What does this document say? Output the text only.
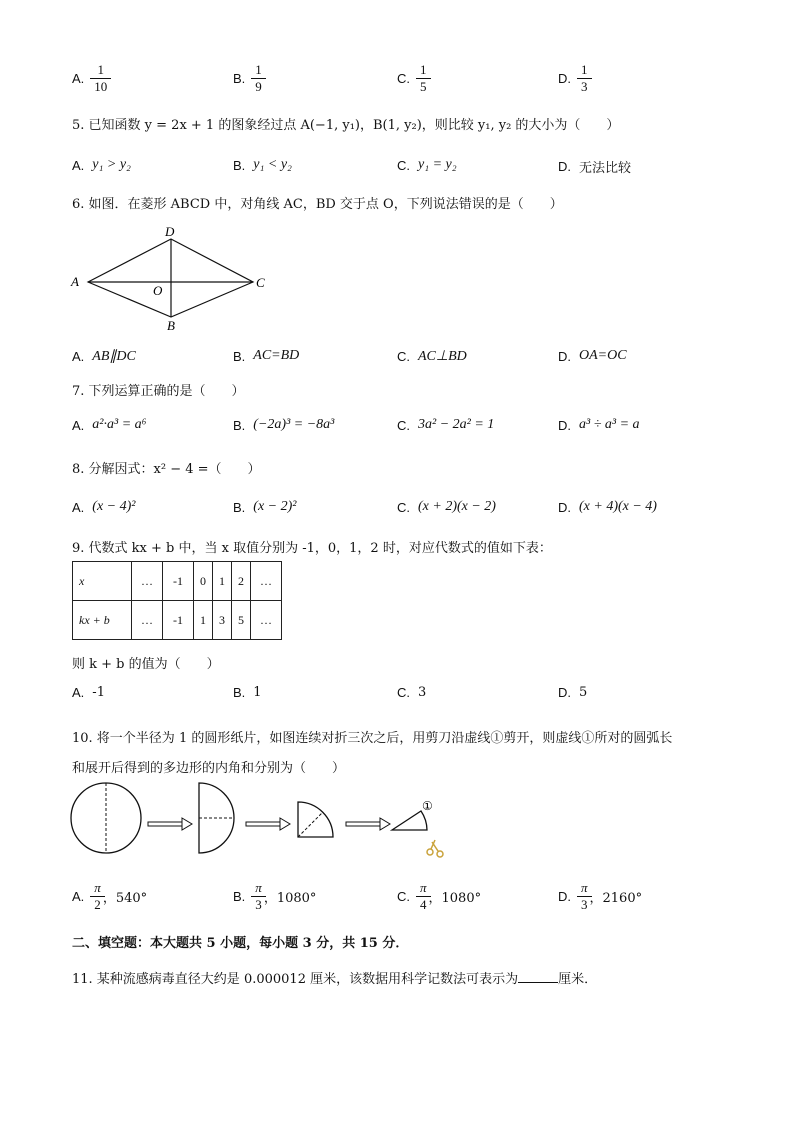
A. $\frac{1}{10}$	B. $\frac{1}{9}$	C. $\frac{1}{5}$	D. $\frac{1}{3}$
5. 已知函数 y = 2x + 1 的图象经过点 A(−1, y₁)，B(1, y₂)，则比较 y₁, y₂ 的大小为（　　）
A. y₁ > y₂	B. y₁ < y₂	C. y₁ = y₂	D. 无法比较
6. 如图．在菱形 ABCD 中，对角线 AC，BD 交于点 O，下列说法错误的是（　　）
A
D
C
B
O
A. AB∥DC	B. AC=BD	C. AC⊥BD	D. OA=OC
7. 下列运算正确的是（　　）
A. a²·a³ = a⁶	B. (−2a)³ = −8a³	C. 3a² − 2a² = 1	D. a³ ÷ a³ = a
8. 分解因式：x² − 4 =（　　）
A. (x − 4)²	B. (x − 2)²	C. (x + 2)(x − 2)	D. (x + 4)(x − 4)
9. 代数式 kx + b 中，当 x 取值分别为 -1，0，1，2 时，对应代数式的值如下表：
x	…	-1	0	1	2	…
kx + b	…	-1	1	3	5	…
则 k + b 的值为（　　）
A. -1	B. 1	C. 3	D. 5
10. 将一个半径为 1 的圆形纸片，如图连续对折三次之后，用剪刀沿虚线①剪开，则虚线①所对的圆弧长
和展开后得到的多边形的内角和分别为（　　）
①
A. $\frac{\pi}{2}$ ，540°	B. $\frac{\pi}{3}$ ，1080°	C. $\frac{\pi}{4}$ ，1080°	D. $\frac{\pi}{3}$ ，2160°
二、填空题：本大题共 5 小题，每小题 3 分，共 15 分．
11. 某种流感病毒直径大约是 0.000012 厘米，该数据用科学记数法可表示为	厘米．
